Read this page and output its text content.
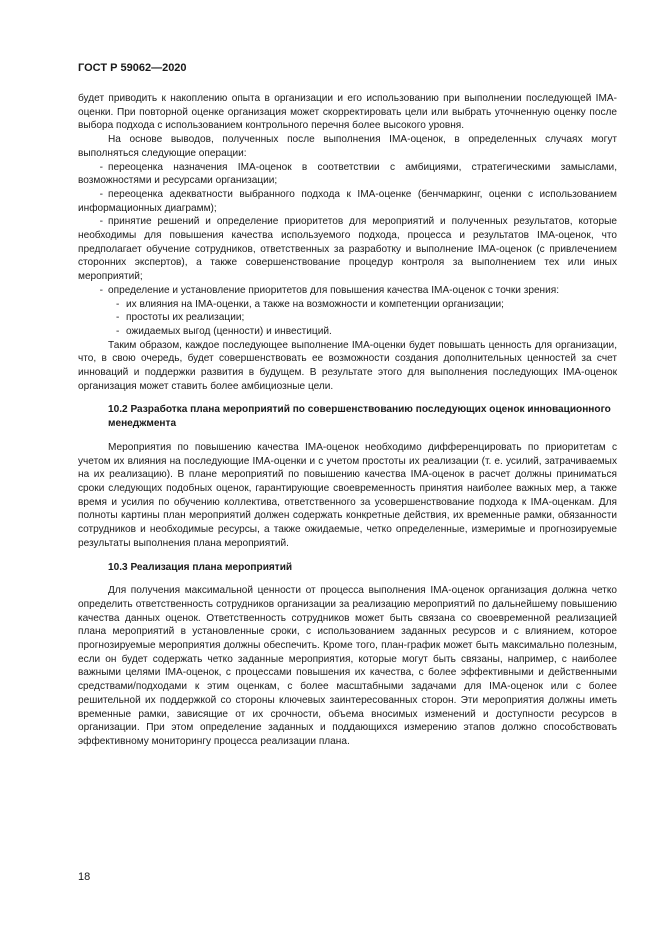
ГОСТ Р 59062—2020

будет приводить к накоплению опыта в организации и его использованию при выполнении последующей IMA-оценки. При повторной оценке организация может скорректировать цели или выбрать уточненную оценку после выбора подхода с использованием контрольного перечня более высокого уровня.

На основе выводов, полученных после выполнения IMA-оценок, в определенных случаях могут выполняться следующие операции:

- переоценка назначения IMA-оценок в соответствии с амбициями, стратегическими замыслами, возможностями и ресурсами организации;

- переоценка адекватности выбранного подхода к IMA-оценке (бенчмаркинг, оценки с использованием информационных диаграмм);

- принятие решений и определение приоритетов для мероприятий и полученных результатов, которые необходимы для повышения качества используемого подхода, процесса и результатов IMA-оценок, что предполагает обучение сотрудников, ответственных за разработку и выполнение IMA-оценок (с привлечением сторонних экспертов), а также совершенствование процедур контроля за выполнением тех или иных мероприятий;

- определение и установление приоритетов для повышения качества IMA-оценок с точки зрения:

- их влияния на IMA-оценки, а также на возможности и компетенции организации;

- простоты их реализации;

- ожидаемых выгод (ценности) и инвестиций.

Таким образом, каждое последующее выполнение IMA-оценки будет повышать ценность для организации, что, в свою очередь, будет совершенствовать ее возможности создания дополнительных ценностей за счет инноваций и поддержки развития в будущем. В результате этого для выполнения последующих IMA-оценок организация может ставить более амбициозные цели.

10.2 Разработка плана мероприятий по совершенствованию последующих оценок инновационного менеджмента

Мероприятия по повышению качества IMA-оценок необходимо дифференцировать по приоритетам с учетом их влияния на последующие IMA-оценки и с учетом простоты их реализации (т. е. усилий, затрачиваемых на их реализацию). В плане мероприятий по повышению качества IMA-оценок в расчет должны приниматься сроки следующих подобных оценок, гарантирующие своевременность принятия наиболее важных мер, а также время и усилия по обучению коллектива, ответственного за усовершенствование подхода к IMA-оценкам. Для полноты картины план мероприятий должен содержать конкретные действия, их временные рамки, обязанности сотрудников и необходимые ресурсы, а также ожидаемые, четко определенные, измеримые и прогнозируемые результаты выполнения плана мероприятий.

10.3 Реализация плана мероприятий

Для получения максимальной ценности от процесса выполнения IMA-оценок организация должна четко определить ответственность сотрудников организации за реализацию мероприятий по дальнейшему повышению качества данных оценок. Ответственность сотрудников может быть связана со своевременной реализацией плана мероприятий в установленные сроки, с использованием заданных ресурсов и с влиянием, которое прогнозируемые мероприятия должны обеспечить. Кроме того, план-график может быть максимально полезным, если он будет содержать четко заданные мероприятия, которые могут быть связаны, например, с наиболее важными целями IMA-оценок, с процессами повышения их качества, с более эффективными и действенными средствами/подходами к этим оценкам, с более масштабными задачами для IMA-оценок или с более решительной их поддержкой со стороны ключевых заинтересованных сторон. Эти мероприятия должны иметь временные рамки, зависящие от их срочности, объема вносимых изменений и доступности ресурсов в организации. При этом определение заданных и поддающихся измерению этапов должно способствовать эффективному мониторингу процесса реализации плана.

18
